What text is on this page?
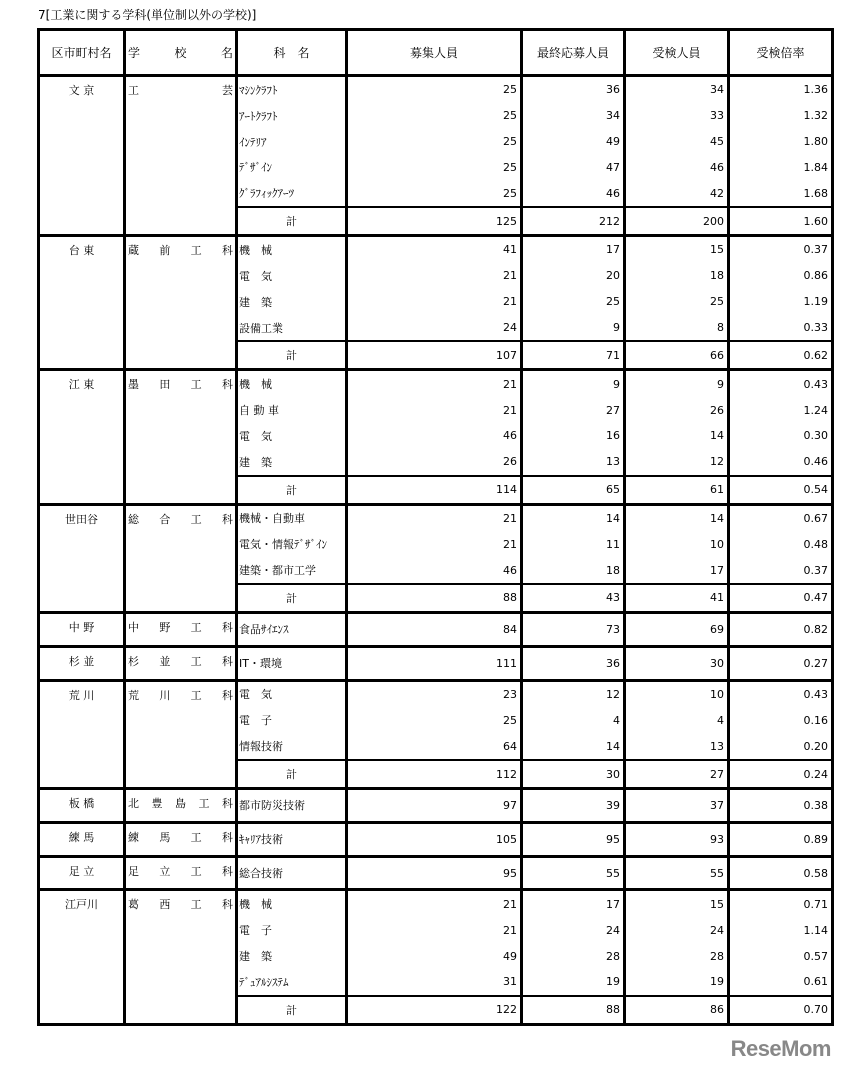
7[工業に関する学科(単位制以外の学校)]
区市町村名	学校名	科　名	募集人員	最終応募人員	受検人員	受検倍率
文 京	工芸	ﾏｼﾝｸﾗﾌﾄ	25	36	34	1.36
		ｱｰﾄｸﾗﾌﾄ	25	34	33	1.32
		ｲﾝﾃﾘｱ	25	49	45	1.80
		ﾃﾞｻﾞｲﾝ	25	47	46	1.84
		ｸﾞﾗﾌｨｯｸｱｰﾂ	25	46	42	1.68
		計	125	212	200	1.60
台 東	蔵前工科	機　械	41	17	15	0.37
		電　気	21	20	18	0.86
		建　築	21	25	25	1.19
		設備工業	24	9	8	0.33
		計	107	71	66	0.62
江 東	墨田工科	機　械	21	9	9	0.43
		自 動 車	21	27	26	1.24
		電　気	46	16	14	0.30
		建　築	26	13	12	0.46
		計	114	65	61	0.54
世田谷	総合工科	機械・自動車	21	14	14	0.67
		電気・情報ﾃﾞｻﾞｲﾝ	21	11	10	0.48
		建築・都市工学	46	18	17	0.37
		計	88	43	41	0.47
中 野	中野工科	食品ｻｲｴﾝｽ	84	73	69	0.82
杉 並	杉並工科	IT・環境	111	36	30	0.27
荒 川	荒川工科	電　気	23	12	10	0.43
		電　子	25	4	4	0.16
		情報技術	64	14	13	0.20
		計	112	30	27	0.24
板 橋	北豊島工科	都市防災技術	97	39	37	0.38
練 馬	練馬工科	ｷｬﾘｱ技術	105	95	93	0.89
足 立	足立工科	総合技術	95	55	55	0.58
江戸川	葛西工科	機　械	21	17	15	0.71
		電　子	21	24	24	1.14
		建　築	49	28	28	0.57
		ﾃﾞｭｱﾙｼｽﾃﾑ	31	19	19	0.61
		計	122	88	86	0.70
ReseMom
